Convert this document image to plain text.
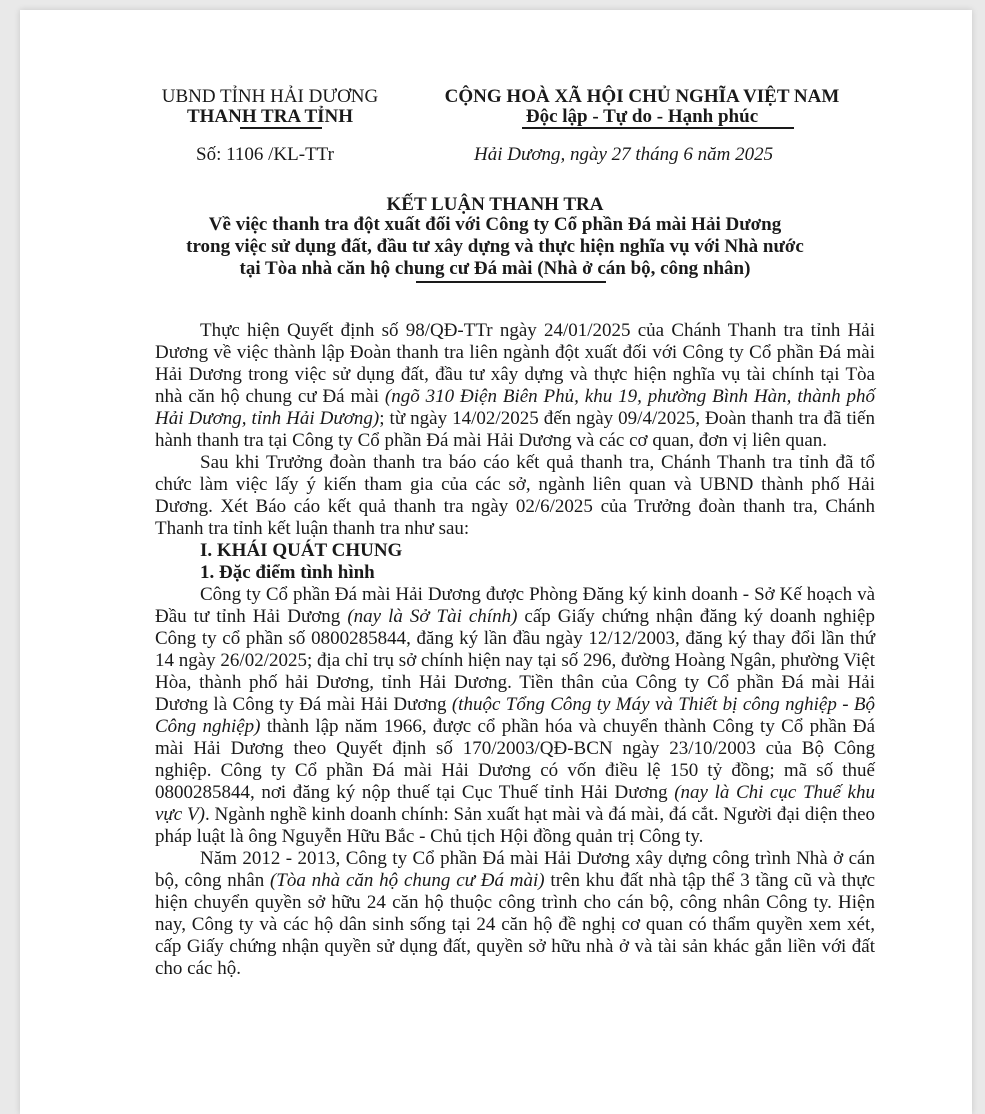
UBND TỈNH HẢI DƯƠNG
THANH TRA TỈNH
CỘNG HOÀ XÃ HỘI CHỦ NGHĨA VIỆT NAM
Độc lập - Tự do - Hạnh phúc
Số: 1106 /KL-TTr	Hải Dương, ngày 27 tháng 6 năm 2025
KẾT LUẬN THANH TRA
Về việc thanh tra đột xuất đối với Công ty Cổ phần Đá mài Hải Dương
trong việc sử dụng đất, đầu tư xây dựng và thực hiện nghĩa vụ với Nhà nước
tại Tòa nhà căn hộ chung cư Đá mài (Nhà ở cán bộ, công nhân)

Thực hiện Quyết định số 98/QĐ-TTr ngày 24/01/2025 của Chánh Thanh tra tỉnh Hải Dương về việc thành lập Đoàn thanh tra liên ngành đột xuất đối với Công ty Cổ phần Đá mài Hải Dương trong việc sử dụng đất, đầu tư xây dựng và thực hiện nghĩa vụ tài chính tại Tòa nhà căn hộ chung cư Đá mài (ngõ 310 Điện Biên Phủ, khu 19, phường Bình Hàn, thành phố Hải Dương, tỉnh Hải Dương); từ ngày 14/02/2025 đến ngày 09/4/2025, Đoàn thanh tra đã tiến hành thanh tra tại Công ty Cổ phần Đá mài Hải Dương và các cơ quan, đơn vị liên quan.

Sau khi Trưởng đoàn thanh tra báo cáo kết quả thanh tra, Chánh Thanh tra tỉnh đã tổ chức làm việc lấy ý kiến tham gia của các sở, ngành liên quan và UBND thành phố Hải Dương. Xét Báo cáo kết quả thanh tra ngày 02/6/2025 của Trưởng đoàn thanh tra, Chánh Thanh tra tỉnh kết luận thanh tra như sau:

I. KHÁI QUÁT CHUNG
1. Đặc điểm tình hình

Công ty Cổ phần Đá mài Hải Dương được Phòng Đăng ký kinh doanh - Sở Kế hoạch và Đầu tư tỉnh Hải Dương (nay là Sở Tài chính) cấp Giấy chứng nhận đăng ký doanh nghiệp Công ty cổ phần số 0800285844, đăng ký lần đầu ngày 12/12/2003, đăng ký thay đổi lần thứ 14 ngày 26/02/2025; địa chỉ trụ sở chính hiện nay tại số 296, đường Hoàng Ngân, phường Việt Hòa, thành phố hải Dương, tỉnh Hải Dương. Tiền thân của Công ty Cổ phần Đá mài Hải Dương là Công ty Đá mài Hải Dương (thuộc Tổng Công ty Máy và Thiết bị công nghiệp - Bộ Công nghiệp) thành lập năm 1966, được cổ phần hóa và chuyển thành Công ty Cổ phần Đá mài Hải Dương theo Quyết định số 170/2003/QĐ-BCN ngày 23/10/2003 của Bộ Công nghiệp. Công ty Cổ phần Đá mài Hải Dương có vốn điều lệ 150 tỷ đồng; mã số thuế 0800285844, nơi đăng ký nộp thuế tại Cục Thuế tỉnh Hải Dương (nay là Chi cục Thuế khu vực V). Ngành nghề kinh doanh chính: Sản xuất hạt mài và đá mài, đá cắt. Người đại diện theo pháp luật là ông Nguyễn Hữu Bắc - Chủ tịch Hội đồng quản trị Công ty.

Năm 2012 - 2013, Công ty Cổ phần Đá mài Hải Dương xây dựng công trình Nhà ở cán bộ, công nhân (Tòa nhà căn hộ chung cư Đá mài) trên khu đất nhà tập thể 3 tầng cũ và thực hiện chuyển quyền sở hữu 24 căn hộ thuộc công trình cho cán bộ, công nhân Công ty. Hiện nay, Công ty và các hộ dân sinh sống tại 24 căn hộ đề nghị cơ quan có thẩm quyền xem xét, cấp Giấy chứng nhận quyền sử dụng đất, quyền sở hữu nhà ở và tài sản khác gắn liền với đất cho các hộ.
